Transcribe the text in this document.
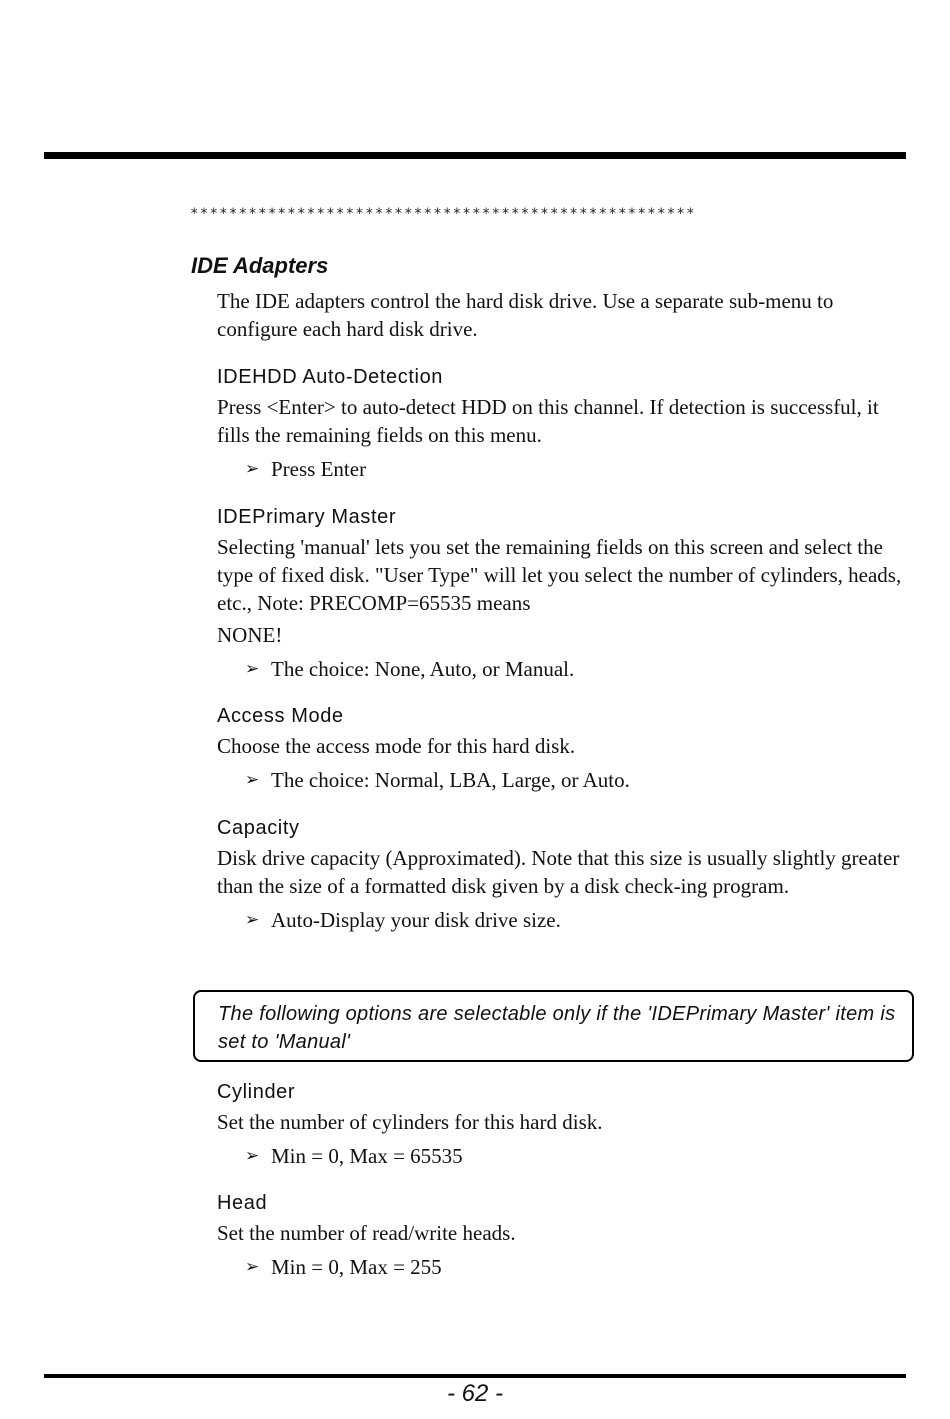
****************************************************
IDE Adapters

The IDE adapters control the hard disk drive. Use a separate sub-menu to configure each hard disk drive.

IDEHDD Auto-Detection

Press <Enter> to auto-detect HDD on this channel. If detection is successful, it fills the remaining fields on this menu.

➢ Press Enter
IDEPrimary Master

Selecting 'manual' lets you set the remaining fields on this screen and select the type of fixed disk. "User Type" will let you select the number of cylinders, heads, etc., Note: PRECOMP=65535 means

NONE!

➢ The choice: None, Auto, or Manual.
Access Mode

Choose the access mode for this hard disk.

➢ The choice: Normal, LBA, Large, or Auto.
Capacity

Disk drive capacity (Approximated). Note that this size is usually slightly greater than the size of a formatted disk given by a disk check-ing program.

➢ Auto-Display your disk drive size.
The following options are selectable only if the 'IDEPrimary Master' item is set to 'Manual'
Cylinder

Set the number of cylinders for this hard disk.

➢ Min = 0, Max = 65535
Head

Set the number of read/write heads.

➢ Min = 0, Max = 255
- 62 -
